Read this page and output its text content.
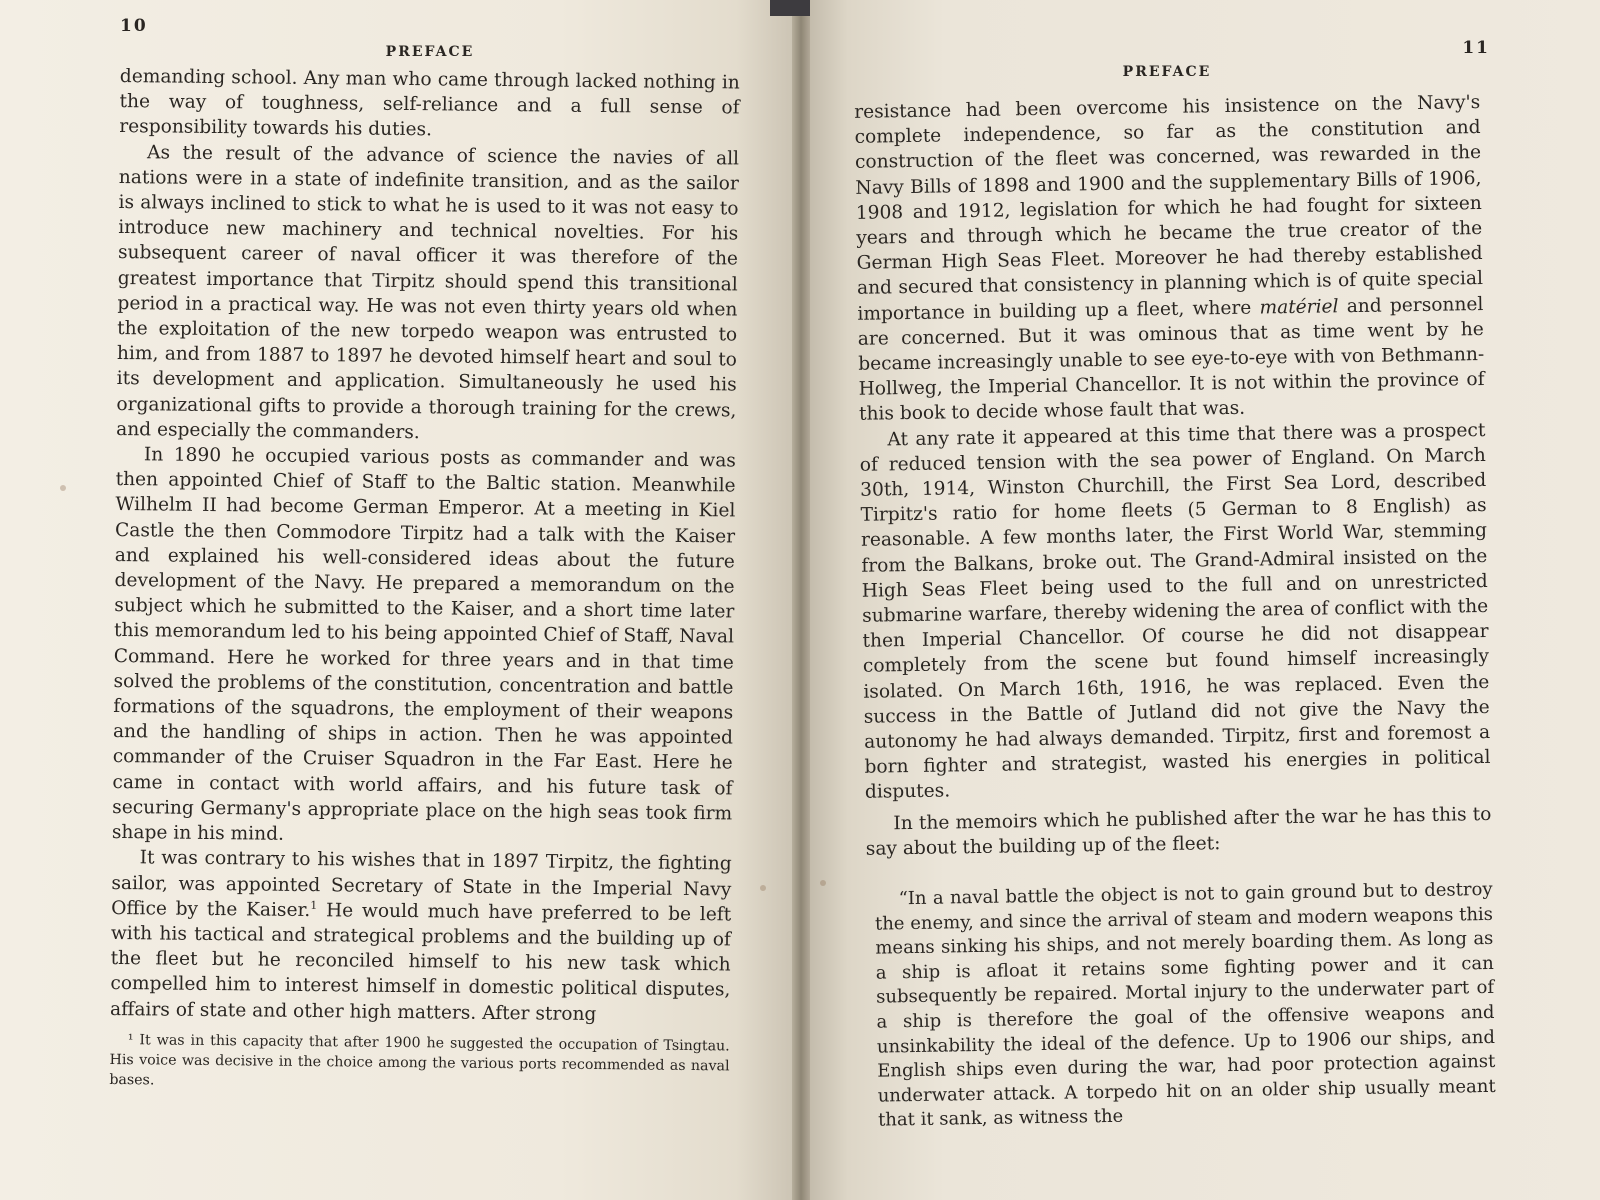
10
PREFACE

demanding school. Any man who came through lacked nothing in the way of toughness, self-reliance and a full sense of responsibility towards his duties.

As the result of the advance of science the navies of all nations were in a state of indefinite transition, and as the sailor is always inclined to stick to what he is used to it was not easy to introduce new machinery and technical novelties. For his subsequent career of naval officer it was therefore of the greatest importance that Tirpitz should spend this transitional period in a practical way. He was not even thirty years old when the exploitation of the new torpedo weapon was entrusted to him, and from 1887 to 1897 he devoted himself heart and soul to its development and application. Simultaneously he used his organizational gifts to provide a thorough training for the crews, and especially the commanders.

In 1890 he occupied various posts as commander and was then appointed Chief of Staff to the Baltic station. Meanwhile Wilhelm II had become German Emperor. At a meeting in Kiel Castle the then Commodore Tirpitz had a talk with the Kaiser and explained his well-considered ideas about the future development of the Navy. He prepared a memorandum on the subject which he submitted to the Kaiser, and a short time later this memorandum led to his being appointed Chief of Staff, Naval Command. Here he worked for three years and in that time solved the problems of the constitution, concentration and battle formations of the squadrons, the employment of their weapons and the handling of ships in action. Then he was appointed commander of the Cruiser Squadron in the Far East. Here he came in contact with world affairs, and his future task of securing Germany's appropriate place on the high seas took firm shape in his mind.

It was contrary to his wishes that in 1897 Tirpitz, the fighting sailor, was appointed Secretary of State in the Imperial Navy Office by the Kaiser.$^1$ He would much have preferred to be left with his tactical and strategical problems and the building up of the fleet but he reconciled himself to his new task which compelled him to interest himself in domestic political disputes, affairs of state and other high matters. After strong

¹ It was in this capacity that after 1900 he suggested the occupation of Tsingtau. His voice was decisive in the choice among the various ports recommended as naval bases.

11
PREFACE

resistance had been overcome his insistence on the Navy's complete independence, so far as the constitution and construction of the fleet was concerned, was rewarded in the Navy Bills of 1898 and 1900 and the supplementary Bills of 1906, 1908 and 1912, legislation for which he had fought for sixteen years and through which he became the true creator of the German High Seas Fleet. Moreover he had thereby established and secured that consistency in planning which is of quite special importance in building up a fleet, where matériel and personnel are concerned. But it was ominous that as time went by he became increasingly unable to see eye-to-eye with von Bethmann-Hollweg, the Imperial Chancellor. It is not within the province of this book to decide whose fault that was.

At any rate it appeared at this time that there was a prospect of reduced tension with the sea power of England. On March 30th, 1914, Winston Churchill, the First Sea Lord, described Tirpitz's ratio for home fleets (5 German to 8 English) as reasonable. A few months later, the First World War, stemming from the Balkans, broke out. The Grand-Admiral insisted on the High Seas Fleet being used to the full and on unrestricted submarine warfare, thereby widening the area of conflict with the then Imperial Chancellor. Of course he did not disappear completely from the scene but found himself increasingly isolated. On March 16th, 1916, he was replaced. Even the success in the Battle of Jutland did not give the Navy the autonomy he had always demanded. Tirpitz, first and foremost a born fighter and strategist, wasted his energies in political disputes.

In the memoirs which he published after the war he has this to say about the building up of the fleet:

“In a naval battle the object is not to gain ground but to destroy the enemy, and since the arrival of steam and modern weapons this means sinking his ships, and not merely boarding them. As long as a ship is afloat it retains some fighting power and it can subsequently be repaired. Mortal injury to the underwater part of a ship is therefore the goal of the offensive weapons and unsinkability the ideal of the defence. Up to 1906 our ships, and English ships even during the war, had poor protection against underwater attack. A torpedo hit on an older ship usually meant that it sank, as witness the
